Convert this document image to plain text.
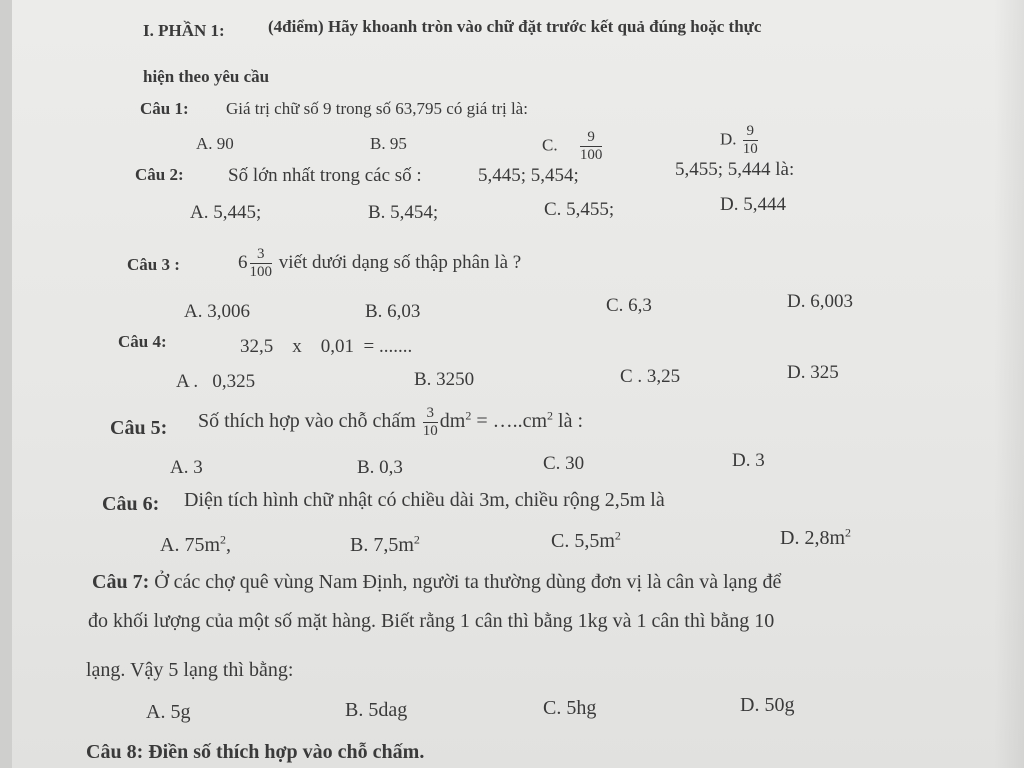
I. PHẦN 1:	(4điểm) Hãy khoanh tròn vào chữ đặt trước kết quả đúng hoặc thực
hiện theo yêu cầu
Câu 1: Giá trị chữ số 9 trong số 63,795 có giá trị là:
A. 90	B. 95	C. $\frac{9}{100}$	D. $\frac{9}{10}$
Câu 2: Số lớn nhất trong các số :	5,445; 5,454;	5,455; 5,444 là:
A. 5,445;	B. 5,454;	C. 5,455;	D. 5,444
Câu 3 :	$6 \frac{3}{100}$ viết dưới dạng số thập phân là ?
A. 3,006	B. 6,03	C. 6,3	D. 6,003
Câu 4:	32,5    x    0,01  = .......
A .   0,325	B. 3250	C . 3,25	D. 325
Câu 5: Số thích hợp vào chỗ chấm $\frac{3}{10} dm^2$ = $\dots..cm^2$ là :
A. 3	B. 0,3	C. 30	D. 3
Câu 6: Diện tích hình chữ nhật có chiều dài 3m, chiều rộng 2,5m là
A. $75m^2$,	B. $7,5m^2$	C. $5,5m^2$	D. $2,8m^2$
Câu 7: Ở các chợ quê vùng Nam Định, người ta thường dùng đơn vị là cân và lạng để
đo khối lượng của một số mặt hàng. Biết rằng 1 cân thì bằng 1kg và 1 cân thì bằng 10
lạng. Vậy 5 lạng thì bằng:
A. 5g	B. 5dag	C. 5hg	D. 50g
Câu 8: Điền số thích hợp vào chỗ chấm.
